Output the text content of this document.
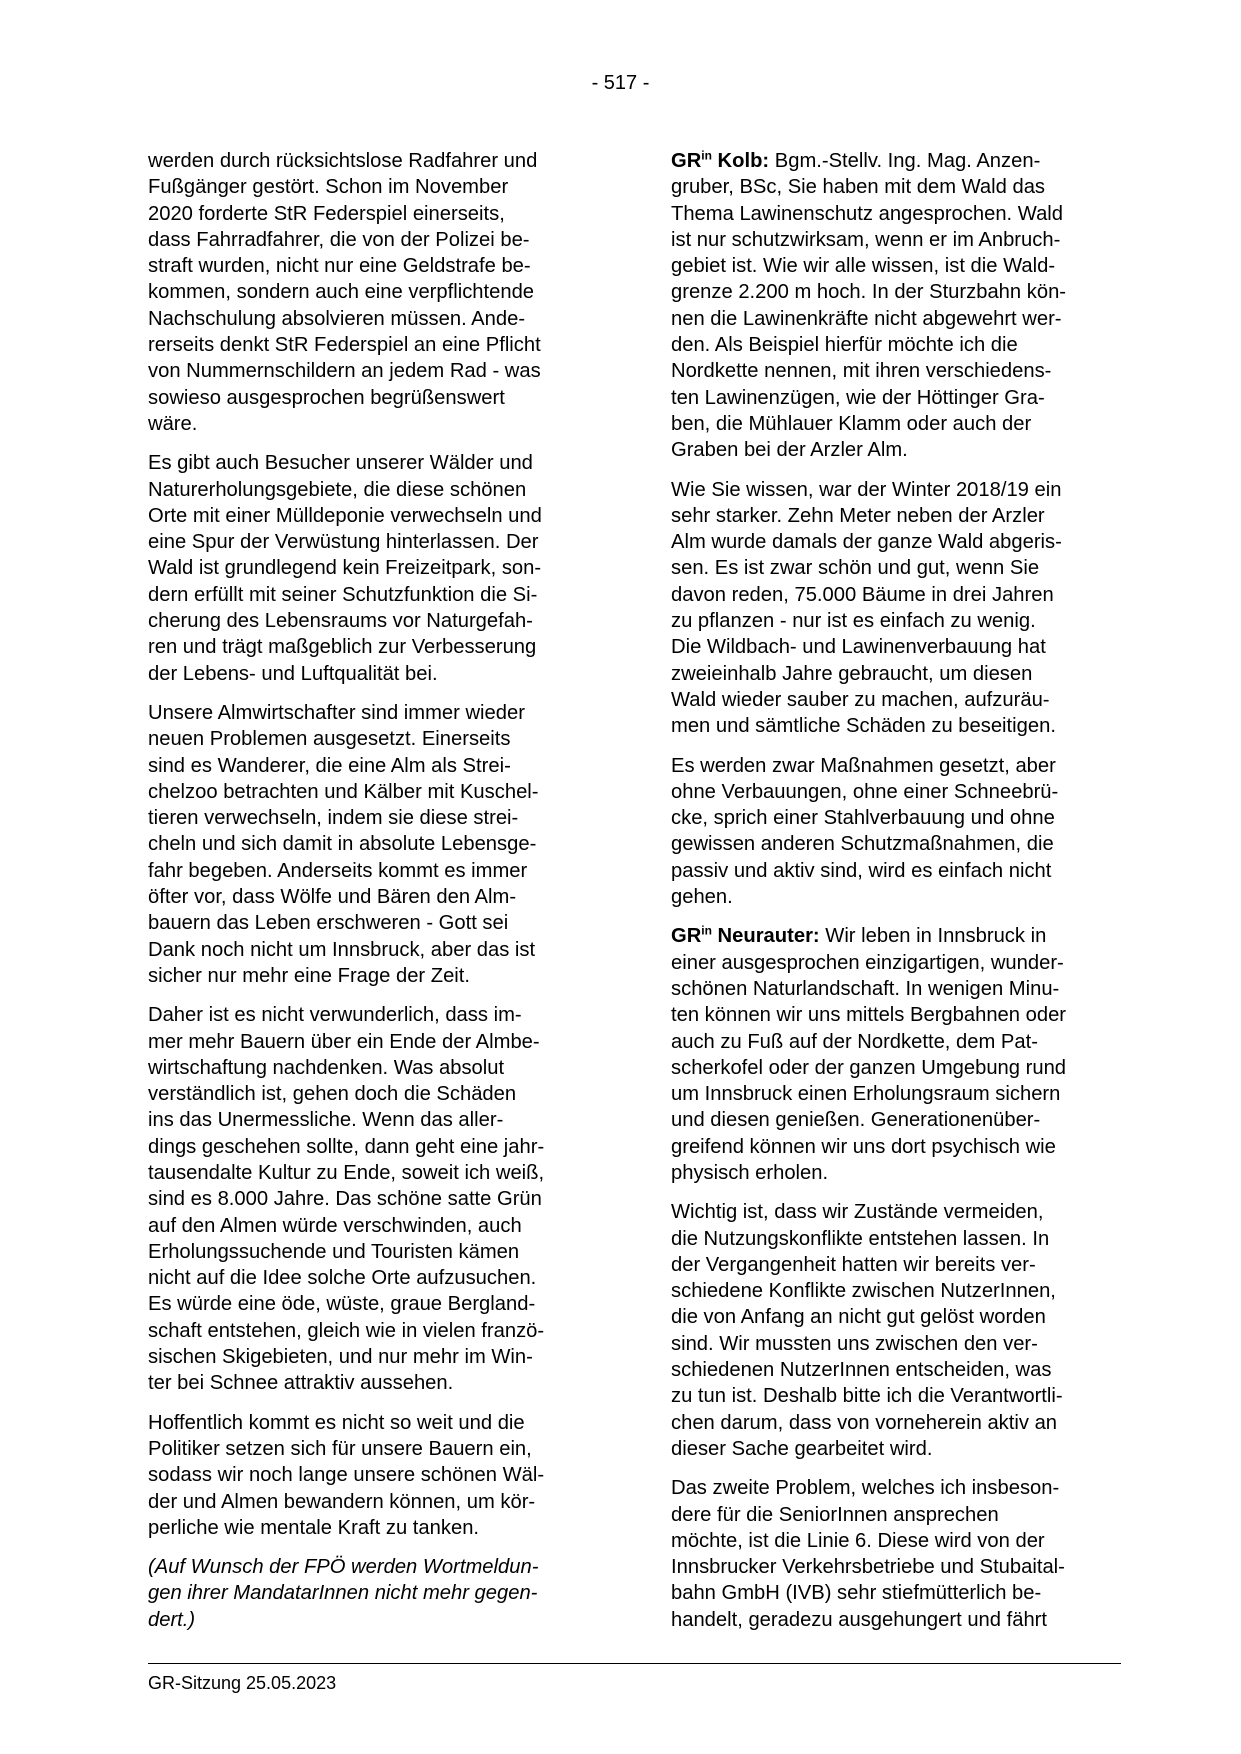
- 517 -

werden durch rücksichtslose Radfahrer und
Fußgänger gestört. Schon im November
2020 forderte StR Federspiel einerseits,
dass Fahrradfahrer, die von der Polizei be-
straft wurden, nicht nur eine Geldstrafe be-
kommen, sondern auch eine verpflichtende
Nachschulung absolvieren müssen. Ande-
rerseits denkt StR Federspiel an eine Pflicht
von Nummernschildern an jedem Rad - was
sowieso ausgesprochen begrüßenswert
wäre.

Es gibt auch Besucher unserer Wälder und
Naturerholungsgebiete, die diese schönen
Orte mit einer Mülldeponie verwechseln und
eine Spur der Verwüstung hinterlassen. Der
Wald ist grundlegend kein Freizeitpark, son-
dern erfüllt mit seiner Schutzfunktion die Si-
cherung des Lebensraums vor Naturgefah-
ren und trägt maßgeblich zur Verbesserung
der Lebens- und Luftqualität bei.

Unsere Almwirtschafter sind immer wieder
neuen Problemen ausgesetzt. Einerseits
sind es Wanderer, die eine Alm als Strei-
chelzoo betrachten und Kälber mit Kuschel-
tieren verwechseln, indem sie diese strei-
cheln und sich damit in absolute Lebensge-
fahr begeben. Anderseits kommt es immer
öfter vor, dass Wölfe und Bären den Alm-
bauern das Leben erschweren - Gott sei
Dank noch nicht um Innsbruck, aber das ist
sicher nur mehr eine Frage der Zeit.

Daher ist es nicht verwunderlich, dass im-
mer mehr Bauern über ein Ende der Almbe-
wirtschaftung nachdenken. Was absolut
verständlich ist, gehen doch die Schäden
ins das Unermessliche. Wenn das aller-
dings geschehen sollte, dann geht eine jahr-
tausendalte Kultur zu Ende, soweit ich weiß,
sind es 8.000 Jahre. Das schöne satte Grün
auf den Almen würde verschwinden, auch
Erholungssuchende und Touristen kämen
nicht auf die Idee solche Orte aufzusuchen.
Es würde eine öde, wüste, graue Bergland-
schaft entstehen, gleich wie in vielen franzö-
sischen Skigebieten, und nur mehr im Win-
ter bei Schnee attraktiv aussehen.

Hoffentlich kommt es nicht so weit und die
Politiker setzen sich für unsere Bauern ein,
sodass wir noch lange unsere schönen Wäl-
der und Almen bewandern können, um kör-
perliche wie mentale Kraft zu tanken.

(Auf Wunsch der FPÖ werden Wortmeldun-
gen ihrer MandatarInnen nicht mehr gegen-
dert.)

$GR^{in}$ Kolb: Bgm.-Stellv. Ing. Mag. Anzen-
gruber, BSc, Sie haben mit dem Wald das
Thema Lawinenschutz angesprochen. Wald
ist nur schutzwirksam, wenn er im Anbruch-
gebiet ist. Wie wir alle wissen, ist die Wald-
grenze 2.200 m hoch. In der Sturzbahn kön-
nen die Lawinenkräfte nicht abgewehrt wer-
den. Als Beispiel hierfür möchte ich die
Nordkette nennen, mit ihren verschiedens-
ten Lawinenzügen, wie der Höttinger Gra-
ben, die Mühlauer Klamm oder auch der
Graben bei der Arzler Alm.

Wie Sie wissen, war der Winter 2018/19 ein
sehr starker. Zehn Meter neben der Arzler
Alm wurde damals der ganze Wald abgeris-
sen. Es ist zwar schön und gut, wenn Sie
davon reden, 75.000 Bäume in drei Jahren
zu pflanzen - nur ist es einfach zu wenig.
Die Wildbach- und Lawinenverbauung hat
zweieinhalb Jahre gebraucht, um diesen
Wald wieder sauber zu machen, aufzuräu-
men und sämtliche Schäden zu beseitigen.

Es werden zwar Maßnahmen gesetzt, aber
ohne Verbauungen, ohne einer Schneebrü-
cke, sprich einer Stahlverbauung und ohne
gewissen anderen Schutzmaßnahmen, die
passiv und aktiv sind, wird es einfach nicht
gehen.

$GR^{in}$ Neurauter: Wir leben in Innsbruck in
einer ausgesprochen einzigartigen, wunder-
schönen Naturlandschaft. In wenigen Minu-
ten können wir uns mittels Bergbahnen oder
auch zu Fuß auf der Nordkette, dem Pat-
scherkofel oder der ganzen Umgebung rund
um Innsbruck einen Erholungsraum sichern
und diesen genießen. Generationenüber-
greifend können wir uns dort psychisch wie
physisch erholen.

Wichtig ist, dass wir Zustände vermeiden,
die Nutzungskonflikte entstehen lassen. In
der Vergangenheit hatten wir bereits ver-
schiedene Konflikte zwischen NutzerInnen,
die von Anfang an nicht gut gelöst worden
sind. Wir mussten uns zwischen den ver-
schiedenen NutzerInnen entscheiden, was
zu tun ist. Deshalb bitte ich die Verantwortli-
chen darum, dass von vorneherein aktiv an
dieser Sache gearbeitet wird.

Das zweite Problem, welches ich insbeson-
dere für die SeniorInnen ansprechen
möchte, ist die Linie 6. Diese wird von der
Innsbrucker Verkehrsbetriebe und Stubaital-
bahn GmbH (IVB) sehr stiefmütterlich be-
handelt, geradezu ausgehungert und fährt

GR-Sitzung 25.05.2023
